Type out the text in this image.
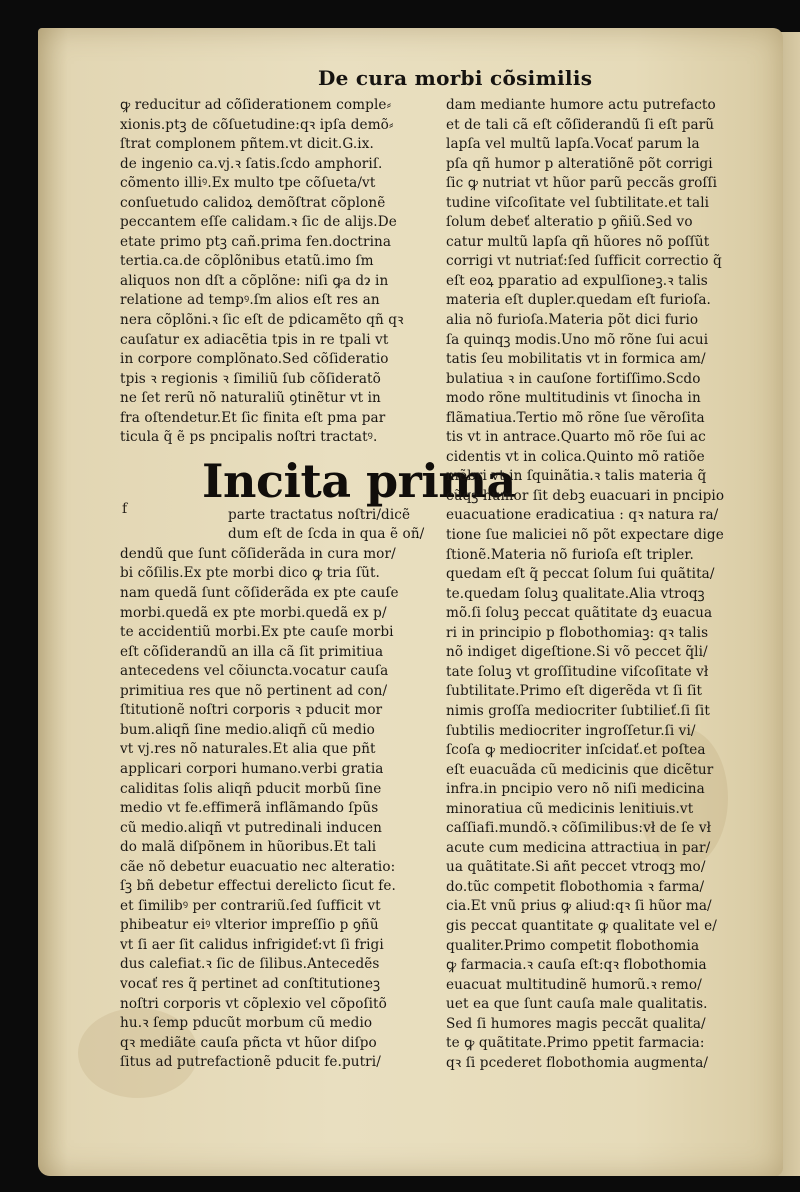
De cura morbi cõsimilis
ꝙ reducitur ad cõſiderationem comple⸗
xionis.ptꝫ de cõſuetudine:qꝛ ipſa demõ⸗
ſtrat complonem pñtem.vt dicit.G.ix.
de ingenio ca.vj.ꝛ ſatis.ſcdo amphoriſ.
cõmento illiꝰ.Ex multo tpe cõſueta/vt
conſuetudo calidoꝝ demõſtrat cõplonẽ
peccantem eſſe calidam.ꝛ ſic de alijs.De
etate primo ptꝫ cañ.prima fen.doctrina
tertia.ca.de cõplõnibus etatũ.imo ſm
aliquos non dſt a cõplõne: niſi ꝙa dɂ in
relatione ad tempꝰ.ſm alios eſt res an
nera cõplõni.ꝛ ſic eſt de pdicamẽto qñ qꝛ
cauſatur ex adiacẽtia tpis in re tpali vt
in corpore complõnato.Sed cõſideratio
tpis ꝛ regionis ꝛ ſimiliũ ſub cõſideratõ
ne ſet rerũ nõ naturaliũ ꝯtinẽtur vt in
fra oſtendetur.Et ſic finita eſt pma par
ticula q̃ ẽ ps pncipalis noſtri tractatꝰ.
Incita prima
f	parte tractatus noſtri/dicẽ
dum eſt de ſcda in qua ẽ oñ/
dendũ que ſunt cõſiderãda in cura mor/
bi cõſilis.Ex pte morbi dico ꝙ tria ſũt.
nam quedã ſunt cõſiderãda ex pte cauſe
morbi.quedã ex pte morbi.quedã ex p/
te accidentiũ morbi.Ex pte cauſe morbi
eſt cõſiderandũ an illa cã ſit primitiua
antecedens vel cõiuncta.vocatur cauſa
primitiua res que nõ pertinent ad con/
ſtitutionẽ noſtri corporis ꝛ pducit mor
bum.aliqñ ſine medio.aliqñ cũ medio
vt vj.res nõ naturales.Et alia que pñt
applicari corpori humano.verbi gratia
caliditas ſolis aliqñ pducit morbũ ſine
medio vt fe.effimerã inflãmando ſpũs
cũ medio.aliqñ vt putredinali inducen
do malã diſpõnem in hũoribus.Et tali
cãe nõ debetur euacuatio nec alteratio:
ſꝫ bñ debetur effectui derelicto ſicut fe.
et ſimilibꝰ per contrariũ.ſed ſufficit vt
phibeatur eiꝰ vlterior impreſſio p ꝯñũ
vt ſi aer ſit calidus infrigideť:vt ſi frigi
dus calefiat.ꝛ ſic de ſilibus.Antecedẽs
vocať res q̃ pertinet ad conſtitutioneꝫ
noſtri corporis vt cõplexio vel cõpoſitõ
hu.ꝛ ſemp pducũt morbum cũ medio
qꝛ mediãte cauſa pñcta vt hũor diſpo
ſitus ad putrefactionẽ pducit fe.putri/
dam mediante humore actu putrefacto
et de tali cã eſt cõſiderandũ ſi eſt parũ
lapſa vel multũ lapſa.Vocať parum la
pſa qñ humor p alteratiõnẽ põt corrigi
ſic ꝙ nutriat vt hũor parũ peccãs groſſi
tudine viſcoſitate vel ſubtilitate.et tali
ſolum debeť alteratio p ꝯñiũ.Sed vo
catur multũ lapſa qñ hũores nõ poſſũt
corrigi vt nutriať:ſed ſufficit correctio q̃
eſt eoꝝ pparatio ad expulſioneꝫ.ꝛ talis
materia eſt dupler.quedam eſt furioſa.
alia nõ furioſa.Materia põt dici furio
ſa quinqꝫ modis.Uno mõ rõne ſui acui
tatis ſeu mobilitatis vt in formica am/
bulatiua ꝛ in cauſone fortiſſimo.Scdo
modo rõne multitudinis vt ſinocha in
flãmatiua.Tertio mõ rõne ſue vẽroſita
tis vt in antrace.Quarto mõ rõe ſui ac
cidentis vt in colica.Quinto mõ ratiõe
mẽbri vt in ſquinãtia.ꝛ talis materia q̃
cũqꝫ humor ſit debꝫ euacuari in pncipio
euacuatione eradicatiua : qꝛ natura ra/
tione ſue maliciei nõ põt expectare dige
ſtionẽ.Materia nõ furioſa eſt tripler.
quedam eſt q̃ peccat ſolum ſui quãtita/
te.quedam ſoluꝫ qualitate.Alia vtroqꝫ
mõ.ſi ſoluꝫ peccat quãtitate dꝫ euacua
ri in principio p flobothomiaꝫ: qꝛ talis
nõ indiget digeſtione.Si võ peccet q̃li/
tate ſoluꝫ vt groſſitudine viſcoſitate vł
ſubtilitate.Primo eſt digerẽda vt ſi ſit
nimis groſſa mediocriter ſubtilieť.ſi ſit
ſubtilis mediocriter ingroſſetur.ſi vi/
ſcoſa ꝙ mediocriter inſcidať.et poſtea
eſt euacuãda cũ medicinis que dicẽtur
infra.in pncipio vero nõ niſi medicina
minoratiua cũ medicinis lenitiuis.vt
caſſiafi.mundõ.ꝛ cõſimilibus:vł de ſe vł
acute cum medicina attractiua in par/
ua quãtitate.Si añt peccet vtroqꝫ mo/
do.tũc competit flobothomia ꝛ farma/
cia.Et vnũ prius ꝙ aliud:qꝛ ſi hũor ma/
gis peccat quantitate ꝙ qualitate vel e/
qualiter.Primo competit flobothomia
ꝙ farmacia.ꝛ cauſa eſt:qꝛ flobothomia
euacuat multitudinẽ humorũ.ꝛ remo/
uet ea que ſunt cauſa male qualitatis.
Sed ſi humores magis peccãt qualita/
te ꝙ quãtitate.Primo ppetit farmacia:
qꝛ ſi pcederet flobothomia augmenta/
